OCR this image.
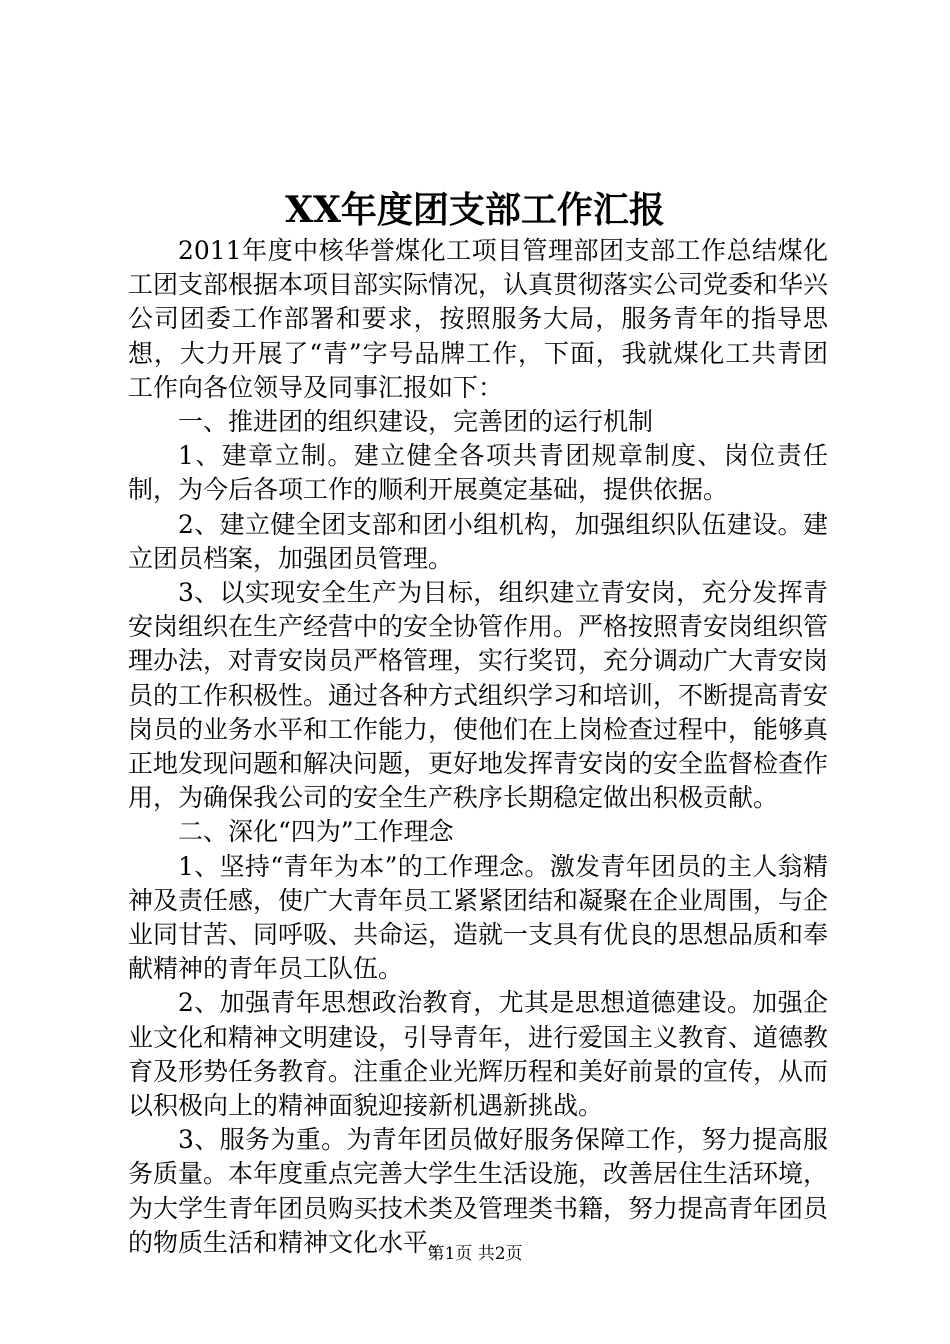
XX年度团支部工作汇报

2011年度中核华誉煤化工项目管理部团支部工作总结煤化工团支部根据本项目部实际情况，认真贯彻落实公司党委和华兴公司团委工作部署和要求，按照服务大局，服务青年的指导思想，大力开展了“青”字号品牌工作，下面，我就煤化工共青团工作向各位领导及同事汇报如下：

一、推进团的组织建设，完善团的运行机制

1、建章立制。建立健全各项共青团规章制度、岗位责任制，为今后各项工作的顺利开展奠定基础，提供依据。

2、建立健全团支部和团小组机构，加强组织队伍建设。建立团员档案，加强团员管理。

3、以实现安全生产为目标，组织建立青安岗，充分发挥青安岗组织在生产经营中的安全协管作用。严格按照青安岗组织管理办法，对青安岗员严格管理，实行奖罚，充分调动广大青安岗员的工作积极性。通过各种方式组织学习和培训，不断提高青安岗员的业务水平和工作能力，使他们在上岗检查过程中，能够真正地发现问题和解决问题，更好地发挥青安岗的安全监督检查作用，为确保我公司的安全生产秩序长期稳定做出积极贡献。

二、深化“四为”工作理念

1、坚持“青年为本”的工作理念。激发青年团员的主人翁精神及责任感，使广大青年员工紧紧团结和凝聚在企业周围，与企业同甘苦、同呼吸、共命运，造就一支具有优良的思想品质和奉献精神的青年员工队伍。

2、加强青年思想政治教育，尤其是思想道德建设。加强企业文化和精神文明建设，引导青年，进行爱国主义教育、道德教育及形势任务教育。注重企业光辉历程和美好前景的宣传，从而以积极向上的精神面貌迎接新机遇新挑战。

3、服务为重。为青年团员做好服务保障工作，努力提高服务质量。本年度重点完善大学生生活设施，改善居住生活环境，为大学生青年团员购买技术类及管理类书籍，努力提高青年团员的物质生活和精神文化水平。

第1页 共2页
